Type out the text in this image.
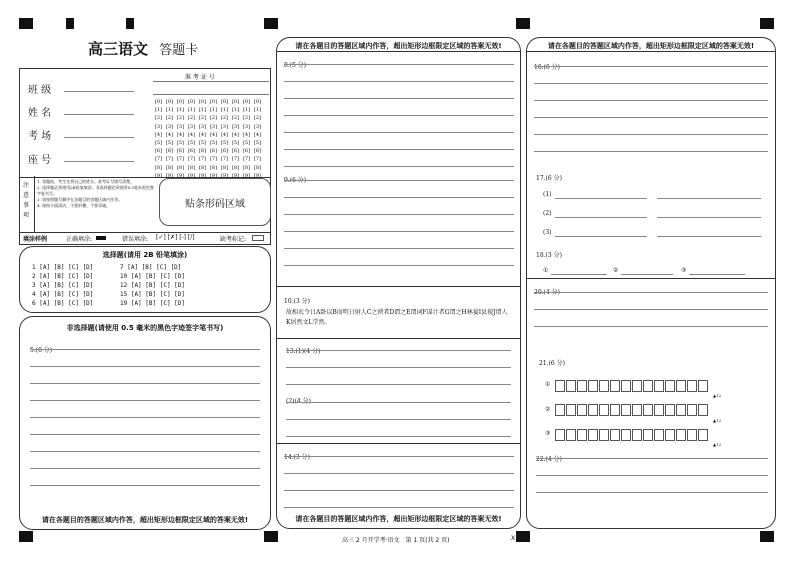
高三语文 答题卡
班 级
姓 名
考 场
座 号
准 考 证 号
[0] [0] [0] [0] [0] [0] [0] [0] [0] [0]
[1] [1] [1] [1] [1] [1] [1] [1] [1] [1]
[2] [2] [2] [2] [2] [2] [2] [2] [2] [2]
[3] [3] [3] [3] [3] [3] [3] [3] [3] [3]
[4] [4] [4] [4] [4] [4] [4] [4] [4] [4]
[5] [5] [5] [5] [5] [5] [5] [5] [5] [5]
[6] [6] [6] [6] [6] [6] [6] [6] [6] [6]
[7] [7] [7] [7] [7] [7] [7] [7] [7] [7]
[8] [8] [8] [8] [8] [8] [8] [8] [8] [8]
[9] [9] [9] [9] [9] [9] [9] [9] [9] [9]
注意事项
1. 答题前，考生先将自己的姓名、准考证号填写清楚。
2. 选择题必须使用2B铅笔填涂；非选择题必须使用0.5毫米黑色签字笔书写。
3. 请按照题号顺序在各题目的答题区域内作答。
4. 保持卡面清洁，不要折叠、不要弄破。	贴条形码区域
填涂样例	正确填涂:	错误填涂: [✓] [✗] [-] [/]	缺考标记:
选择题(请用 2B 铅笔填涂)
1 [A] [B] [C] [D]
2 [A] [B] [C] [D]
3 [A] [B] [C] [D]
4 [A] [B] [C] [D]
6 [A] [B] [C] [D]
7 [A] [B] [C] [D]
10 [A] [B] [C] [D]
12 [A] [B] [C] [D]
15 [A] [B] [C] [D]
19 [A] [B] [C] [D]
非选择题(请使用 0.5 毫米的黑色字迹签字笔书写)
5.(6 分)
请在各题目的答题区域内作答，超出矩形边框限定区域的答案无效!
请在各题目的答题区域内作答，超出矩形边框限定区域的答案无效!
8.(5 分)
9.(6 分)
10.(3 分)
故相衣令日A卧以B而明日射人C之谀者D谓之E谓词F谋计者G谓之H林宴I县视J谓人K居然文L学然。
13.(1)(4 分)
(2)(4 分)
14.(3 分)
请在各题目的答题区域内作答，超出矩形边框限定区域的答案无效!
请在各题目的答题区域内作答，超出矩形边框限定区域的答案无效!
16.(6 分)
17.(6 分)
(1)
(2)
(3)
18.(3 分)
①	②	③
20.(4 分)
21.(6 分)
①
▲12
②
▲12
③
▲12
22.(4 分)
高三 2 月开学考·语文　第 1 页(共 2 页)	X
